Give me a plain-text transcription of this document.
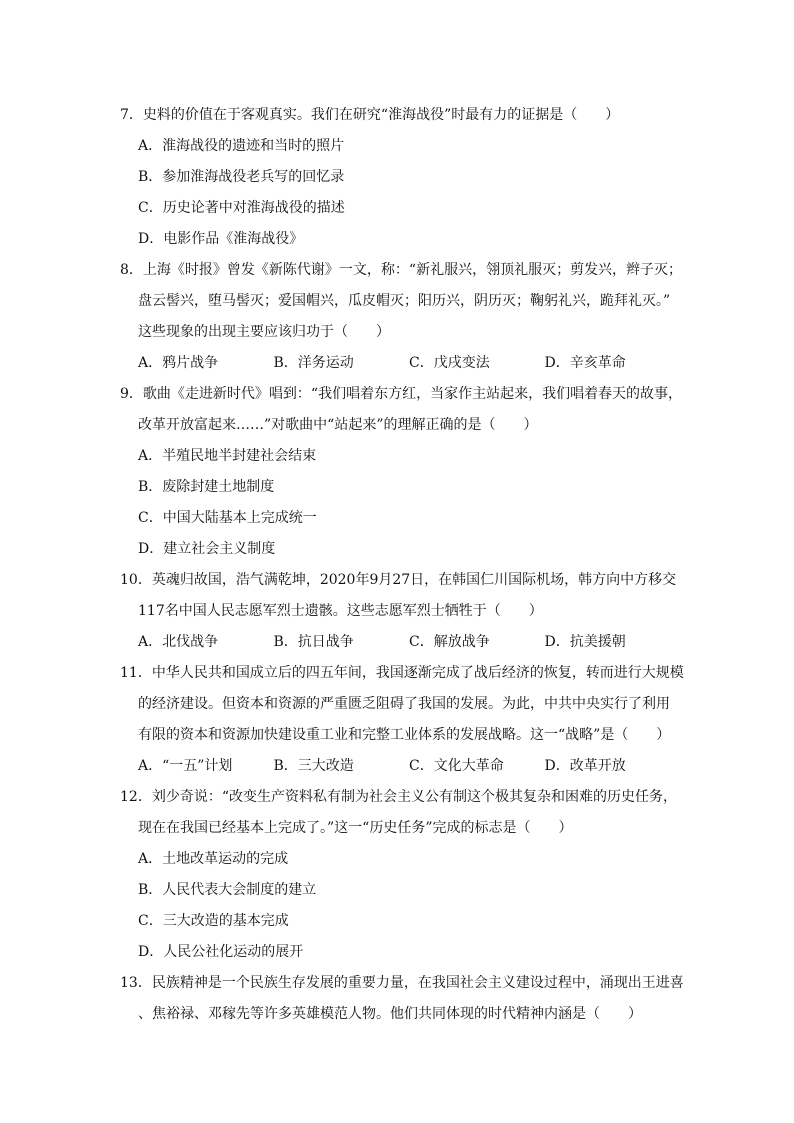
7．史料的价值在于客观真实。我们在研究“淮海战役”时最有力的证据是（　　）

A．淮海战役的遗迹和当时的照片

B．参加淮海战役老兵写的回忆录

C．历史论著中对淮海战役的描述

D．电影作品《淮海战役》

8．上海《时报》曾发《新陈代谢》一文，称：“新礼服兴，翎顶礼服灭；剪发兴，辫子灭；

盘云髻兴，堕马髻灭；爱国帽兴，瓜皮帽灭；阳历兴，阴历灭；鞠躬礼兴，跪拜礼灭。”

这些现象的出现主要应该归功于（　　）

A．鸦片战争	B．洋务运动	C．戊戌变法	D．辛亥革命

9．歌曲《走进新时代》唱到：“我们唱着东方红，当家作主站起来，我们唱着春天的故事，

改革开放富起来……”对歌曲中“站起来”的理解正确的是（　　）

A．半殖民地半封建社会结束

B．废除封建土地制度

C．中国大陆基本上完成统一

D．建立社会主义制度

10．英魂归故国，浩气满乾坤，2020年9月27日，在韩国仁川国际机场，韩方向中方移交

117名中国人民志愿军烈士遗骸。这些志愿军烈士牺牲于（　　）

A．北伐战争	B．抗日战争	C．解放战争	D．抗美援朝

11．中华人民共和国成立后的四五年间，我国逐渐完成了战后经济的恢复，转而进行大规模

的经济建设。但资本和资源的严重匮乏阻碍了我国的发展。为此，中共中央实行了利用

有限的资本和资源加快建设重工业和完整工业体系的发展战略。这一“战略”是（　　）

A．“一五”计划	B．三大改造	C．文化大革命	D．改革开放

12．刘少奇说：“改变生产资料私有制为社会主义公有制这个极其复杂和困难的历史任务，

现在在我国已经基本上完成了。”这一“历史任务”完成的标志是（　　）

A．土地改革运动的完成

B．人民代表大会制度的建立

C．三大改造的基本完成

D．人民公社化运动的展开

13．民族精神是一个民族生存发展的重要力量，在我国社会主义建设过程中，涌现出王进喜

、焦裕禄、邓稼先等许多英雄模范人物。他们共同体现的时代精神内涵是（　　）
